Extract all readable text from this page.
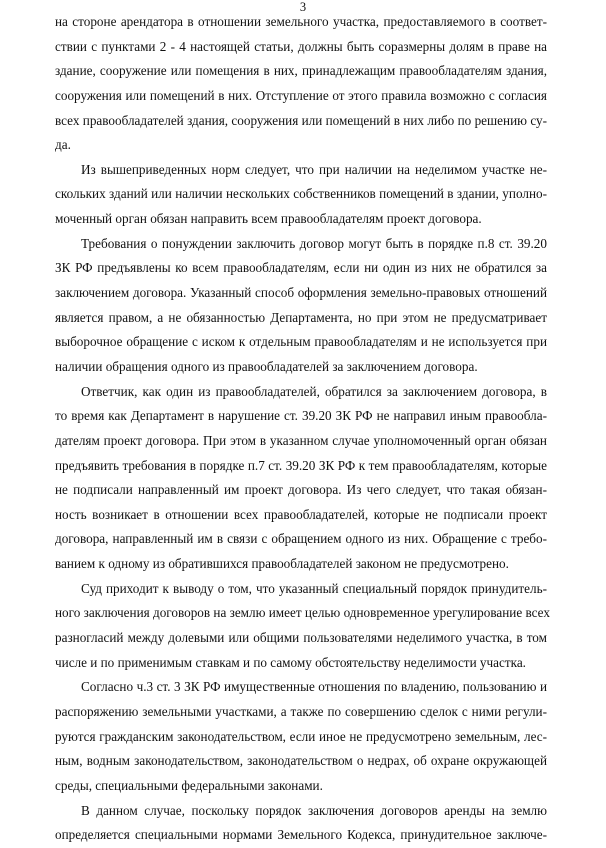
3
на стороне арендатора в отношении земельного участка, предоставляемого в соответ-
ствии с пунктами 2 - 4 настоящей статьи, должны быть соразмерны долям в праве на
здание, сооружение или помещения в них, принадлежащим правообладателям здания,
сооружения или помещений в них. Отступление от этого правила возможно с согласия
всех правообладателей здания, сооружения или помещений в них либо по решению су-
да.
Из вышеприведенных норм следует, что при наличии на неделимом участке не-
скольких зданий или наличии нескольких собственников помещений в здании, уполно-
моченный орган обязан направить всем правообладателям проект договора.
Требования о понуждении заключить договор могут быть в порядке п.8 ст. 39.20
ЗК РФ предъявлены ко всем правообладателям, если ни один из них не обратился за
заключением договора. Указанный способ оформления земельно-правовых отношений
является правом, а не обязанностью Департамента, но при этом не предусматривает
выборочное обращение с иском к отдельным правообладателям и не используется при
наличии обращения одного из правообладателей за заключением договора.
Ответчик, как один из правообладателей, обратился за заключением договора, в
то время как Департамент в нарушение ст. 39.20 ЗК РФ не направил иным правообла-
дателям проект договора. При этом в указанном случае уполномоченный орган обязан
предъявить требования в порядке п.7 ст. 39.20 ЗК РФ к тем правообладателям, которые
не подписали направленный им проект договора. Из чего следует, что такая обязан-
ность возникает в отношении всех правообладателей, которые не подписали проект
договора, направленный им в связи с обращением одного из них. Обращение с требо-
ванием к одному из обратившихся правообладателей законом не предусмотрено.
Суд приходит к выводу о том, что указанный специальный порядок принудитель-
ного заключения договоров на землю имеет целью одновременное урегулирование всех
разногласий между долевыми или общими пользователями неделимого участка, в том
числе и по применимым ставкам и по самому обстоятельству неделимости участка.
Согласно ч.3 ст. 3 ЗК РФ имущественные отношения по владению, пользованию и
распоряжению земельными участками, а также по совершению сделок с ними регули-
руются гражданским законодательством, если иное не предусмотрено земельным, лес-
ным, водным законодательством, законодательством о недрах, об охране окружающей
среды, специальными федеральными законами.
В данном случае, поскольку порядок заключения договоров аренды на землю
определяется специальными нормами Земельного Кодекса, принудительное заключе-
